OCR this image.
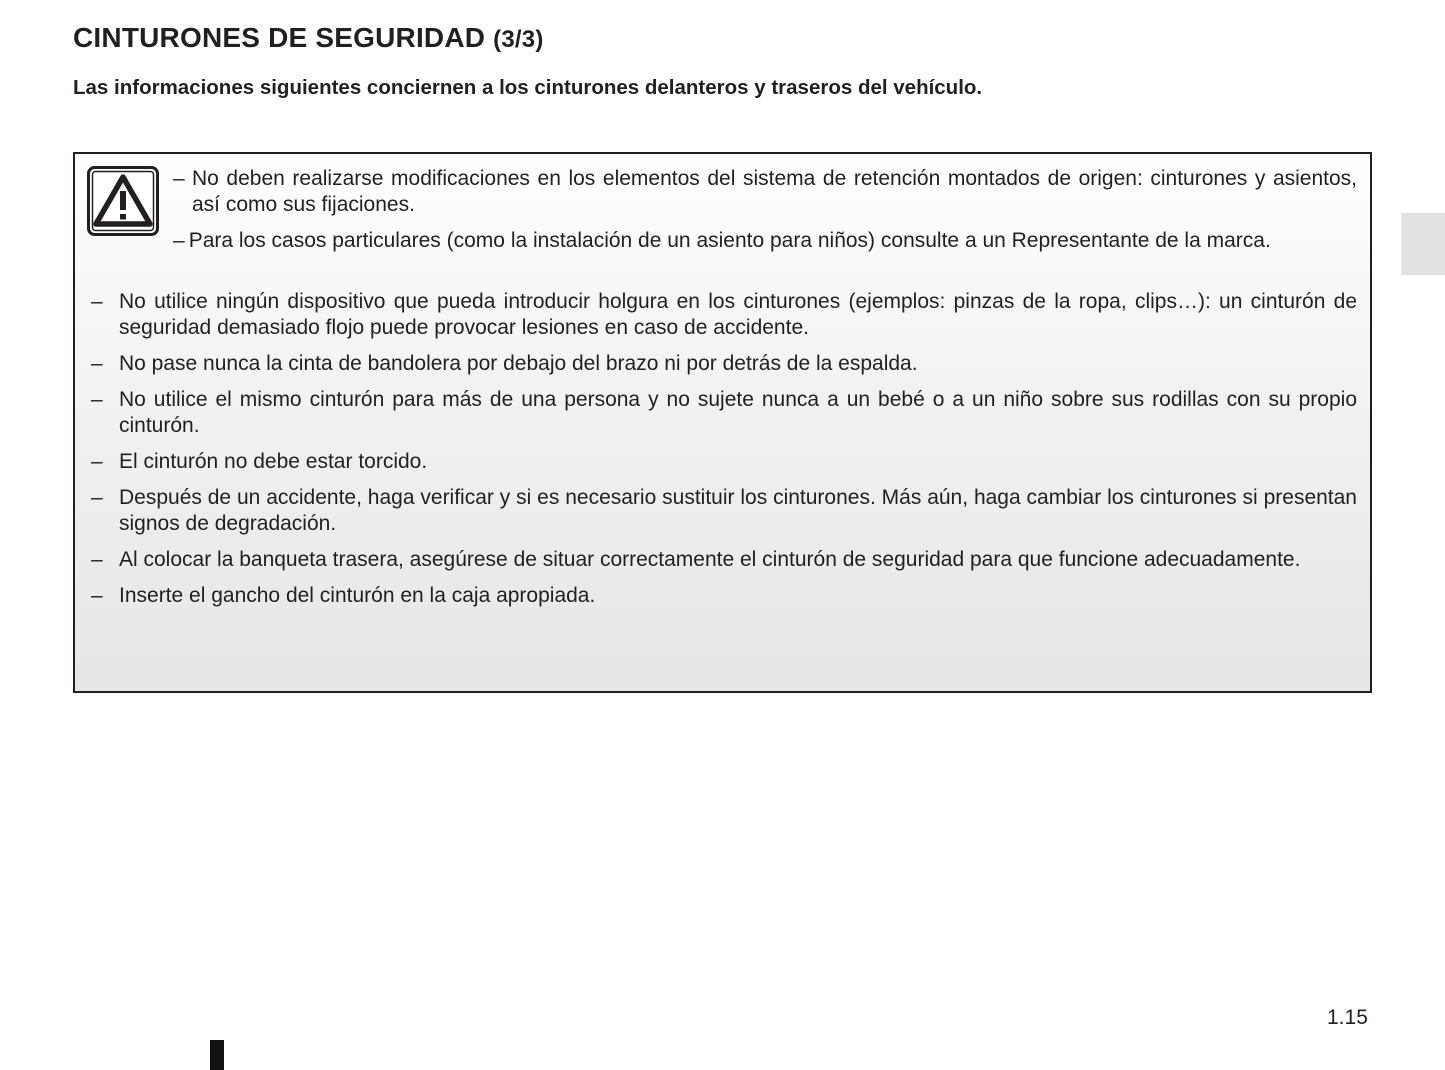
CINTURONES DE SEGURIDAD (3/3)

Las informaciones siguientes conciernen a los cinturones delanteros y traseros del vehículo.

– No deben realizarse modificaciones en los elementos del sistema de retención montados de origen: cinturones y asientos, así como sus fijaciones.
– Para los casos particulares (como la instalación de un asiento para niños) consulte a un Representante de la marca.
– No utilice ningún dispositivo que pueda introducir holgura en los cinturones (ejemplos: pinzas de la ropa, clips…): un cinturón de seguridad demasiado flojo puede provocar lesiones en caso de accidente.
– No pase nunca la cinta de bandolera por debajo del brazo ni por detrás de la espalda.
– No utilice el mismo cinturón para más de una persona y no sujete nunca a un bebé o a un niño sobre sus rodillas con su propio cinturón.
– El cinturón no debe estar torcido.
– Después de un accidente, haga verificar y si es necesario sustituir los cinturones. Más aún, haga cambiar los cinturones si presentan signos de degradación.
– Al colocar la banqueta trasera, asegúrese de situar correctamente el cinturón de seguridad para que funcione adecuadamente.
– Inserte el gancho del cinturón en la caja apropiada.

1.15
